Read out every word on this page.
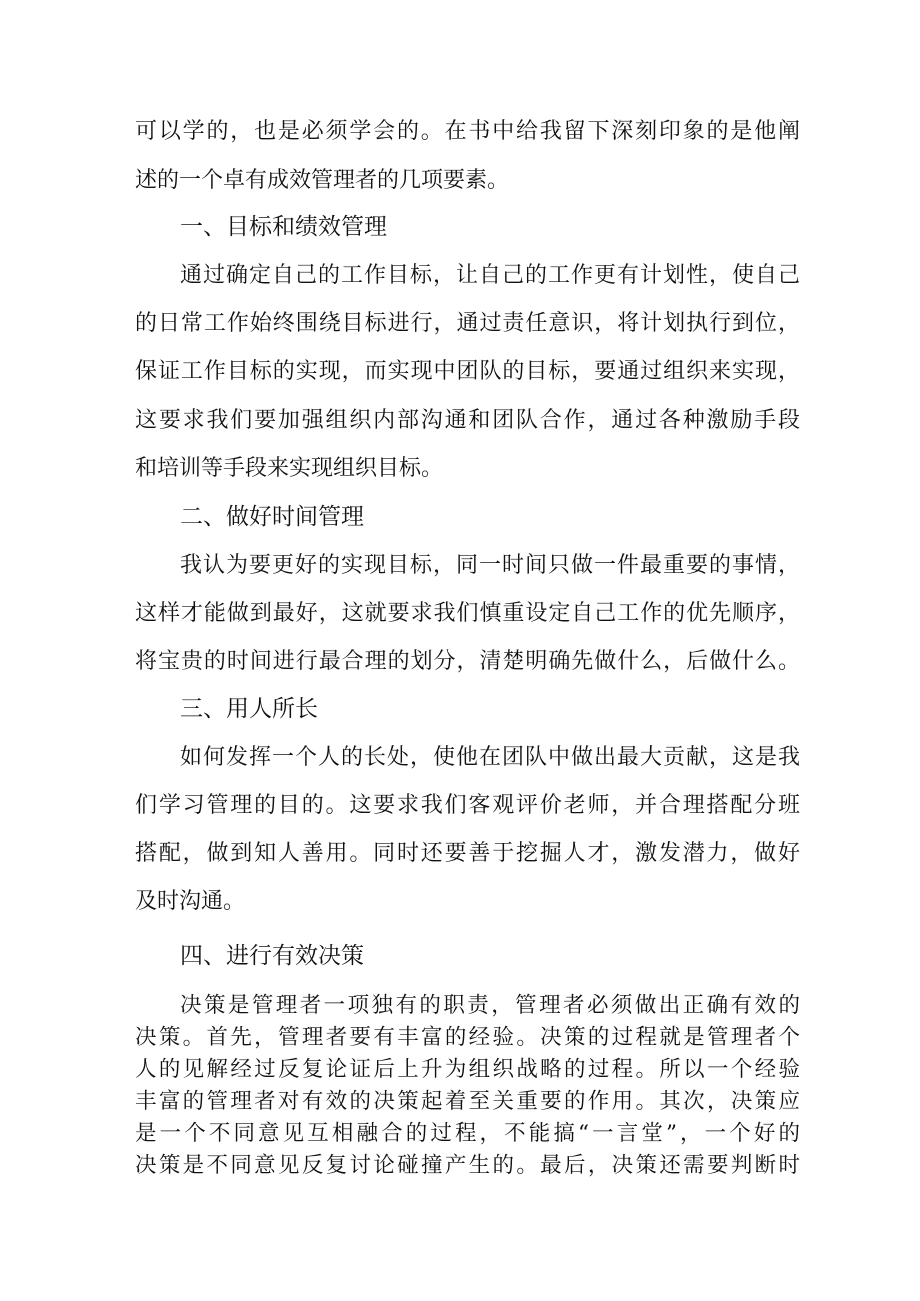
可以学的，也是必须学会的。在书中给我留下深刻印象的是他阐
述的一个卓有成效管理者的几项要素。
一、目标和绩效管理
通过确定自己的工作目标，让自己的工作更有计划性，使自己
的日常工作始终围绕目标进行，通过责任意识，将计划执行到位，
保证工作目标的实现，而实现中团队的目标，要通过组织来实现，
这要求我们要加强组织内部沟通和团队合作，通过各种激励手段
和培训等手段来实现组织目标。
二、做好时间管理
我认为要更好的实现目标，同一时间只做一件最重要的事情，
这样才能做到最好，这就要求我们慎重设定自己工作的优先顺序，
将宝贵的时间进行最合理的划分，清楚明确先做什么，后做什么。
三、用人所长
如何发挥一个人的长处，使他在团队中做出最大贡献，这是我
们学习管理的目的。这要求我们客观评价老师，并合理搭配分班
搭配，做到知人善用。同时还要善于挖掘人才，激发潜力，做好
及时沟通。
四、进行有效决策
决策是管理者一项独有的职责，管理者必须做出正确有效的
决策。首先，管理者要有丰富的经验。决策的过程就是管理者个
人的见解经过反复论证后上升为组织战略的过程。所以一个经验
丰富的管理者对有效的决策起着至关重要的作用。其次，决策应
是一个不同意见互相融合的过程，不能搞“一言堂”，一个好的
决策是不同意见反复讨论碰撞产生的。最后，决策还需要判断时
